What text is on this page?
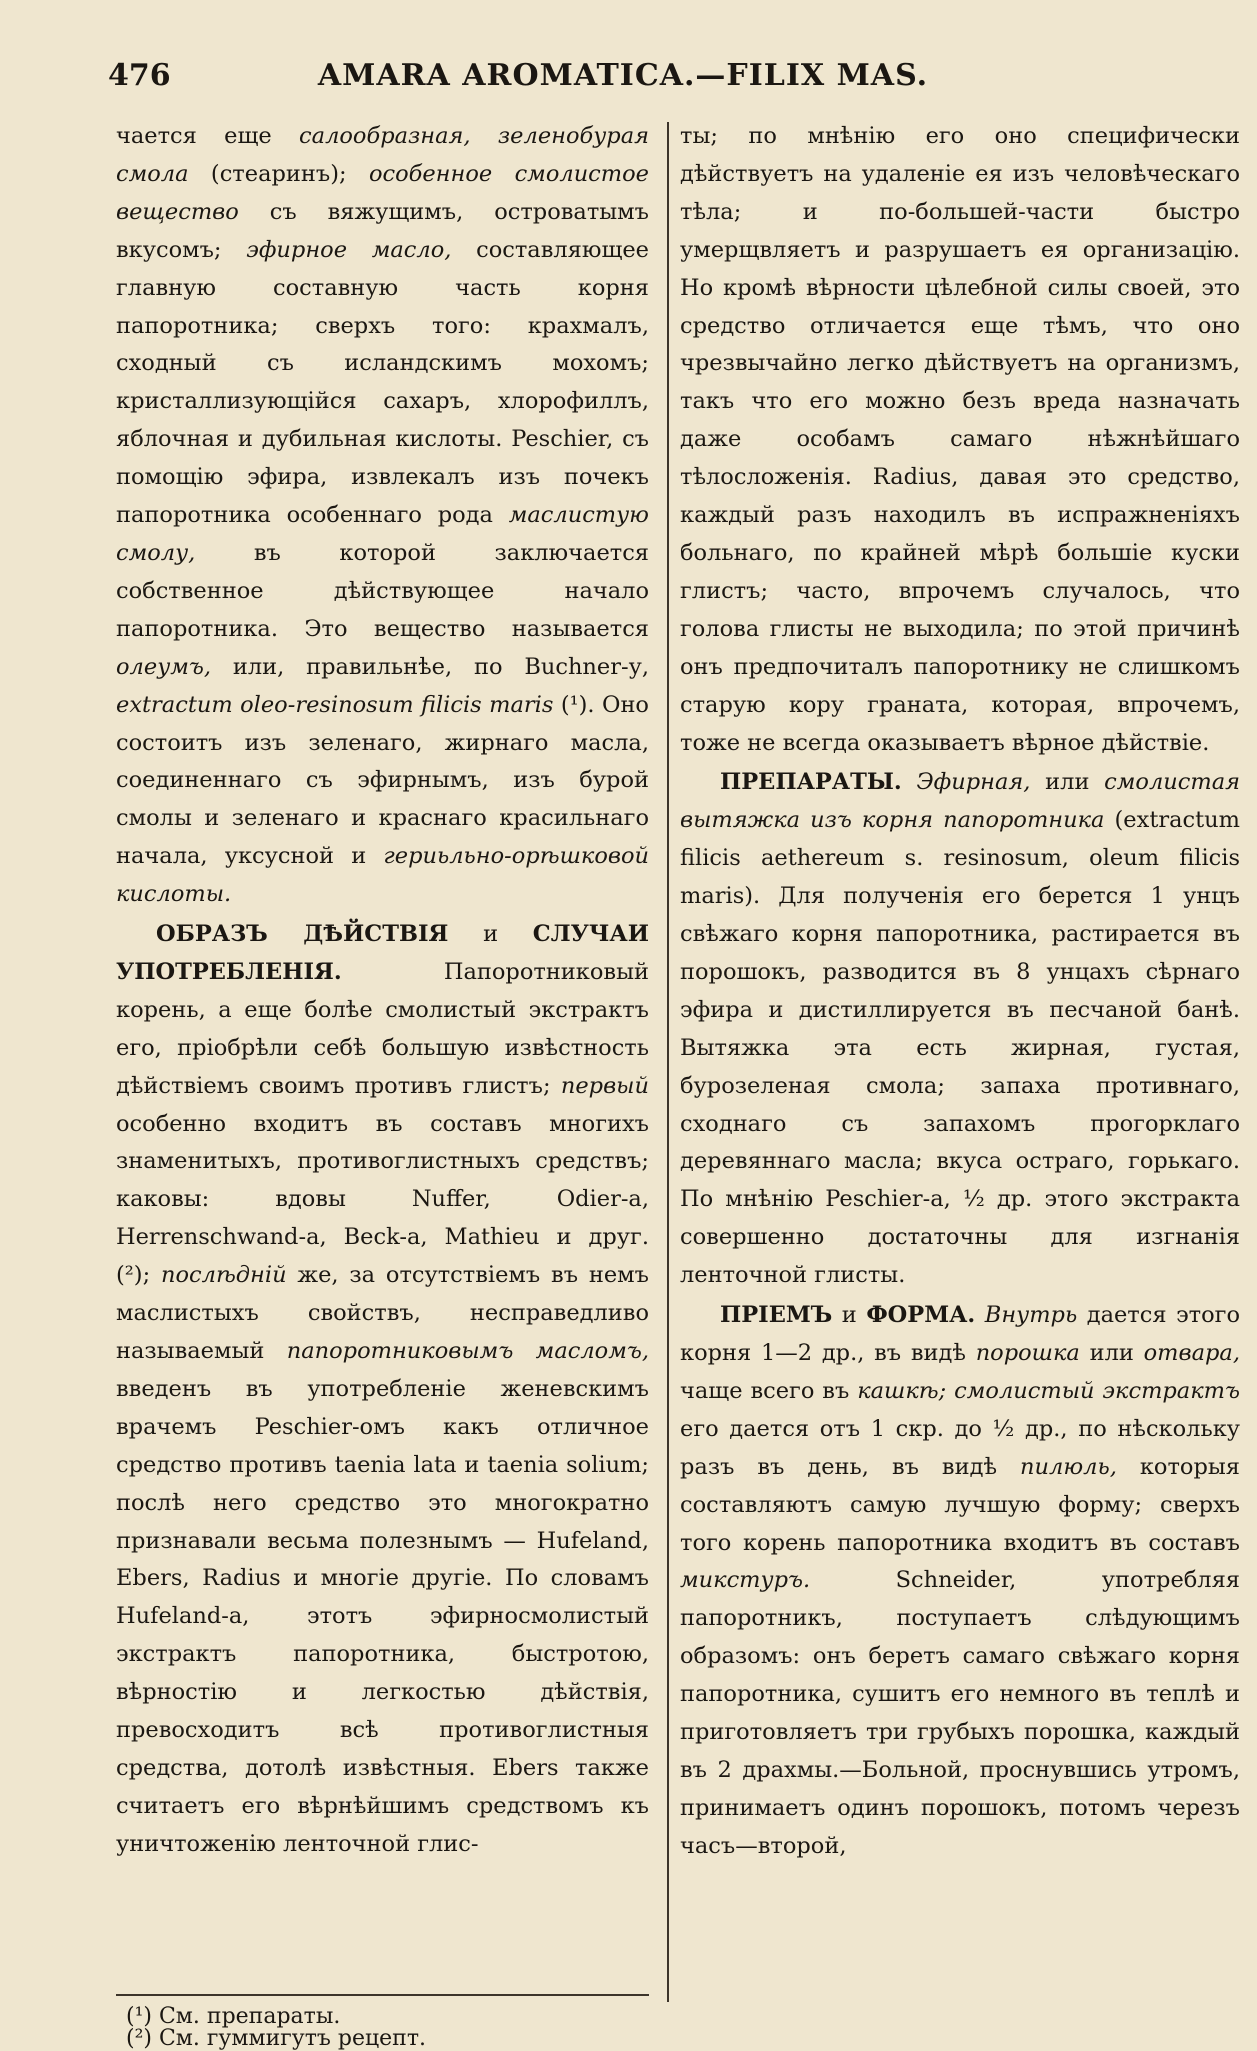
476	AMARA AROMATICA.—FILIX MAS.

чается еще салообразная, зеленобурая смола (стеаринъ); особенное смолистое вещество съ вяжущимъ, островатымъ вкусомъ; эфирное масло, составляющее главную составную часть корня папоротника; сверхъ того: крахмалъ, сходный съ исландскимъ мохомъ; кристаллизующійся сахаръ, хлорофиллъ, яблочная и дубильная кислоты. Peschier, съ помощію эфира, извлекалъ изъ почекъ папоротника особеннаго рода маслистую смолу, въ которой заключается собственное дѣйствующее начало папоротника. Это вещество называется олеумъ, или, правильнѣе, по Buchner-у, extractum oleo-resinosum filicis maris (¹). Оно состоитъ изъ зеленаго, жирнаго масла, соединеннаго съ эфирнымъ, изъ бурой смолы и зеленаго и краснаго красильнаго начала, уксусной и гериьльно-орѣшковой кислоты.

ОБРАЗЪ ДѢЙСТВІЯ и СЛУЧАИ УПОТРЕБЛЕНІЯ. Папоротниковый корень, а еще болѣе смолистый экстрактъ его, пріобрѣли себѣ большую извѣстность дѣйствіемъ своимъ противъ глистъ; первый особенно входитъ въ составъ многихъ знаменитыхъ, противоглистныхъ средствъ; каковы: вдовы Nuffer, Odier-а, Herrenschwand-а, Beck-а, Mathieu и друг. (²); послѣдній же, за отсутствіемъ въ немъ маслистыхъ свойствъ, несправедливо называемый папоротниковымъ масломъ, введенъ въ употребленіе женевскимъ врачемъ Peschier-омъ какъ отличное средство противъ taenia lata и taenia solium; послѣ него средство это многократно признавали весьма полезнымъ — Hufeland, Ebers, Radius и многіе другіе. По словамъ Hufeland-а, этотъ эфирносмолистый экстрактъ папоротника, быстротою, вѣрностію и легкостью дѣйствія, превосходитъ всѣ противоглистныя средства, дотолѣ извѣстныя. Ebers также считаетъ его вѣрнѣйшимъ средствомъ къ уничтоженію ленточной глис-

ты; по мнѣнію его оно специфически дѣйствуетъ на удаленіе ея изъ человѣческаго тѣла; и по-большей-части быстро умерщвляетъ и разрушаетъ ея организацію. Но кромѣ вѣрности цѣлебной силы своей, это средство отличается еще тѣмъ, что оно чрезвычайно легко дѣйствуетъ на организмъ, такъ что его можно безъ вреда назначать даже особамъ самаго нѣжнѣйшаго тѣлосложенія. Radius, давая это средство, каждый разъ находилъ въ испражненіяхъ больнаго, по крайней мѣрѣ большіе куски глистъ; часто, впрочемъ случалось, что голова глисты не выходила; по этой причинѣ онъ предпочиталъ папоротнику не слишкомъ старую кору граната, которая, впрочемъ, тоже не всегда оказываетъ вѣрное дѣйствіе.

ПРЕПАРАТЫ. Эфирная, или смолистая вытяжка изъ корня папоротника (extractum filicis aethereum s. resinosum, oleum filicis maris). Для полученія его берется 1 унцъ свѣжаго корня папоротника, растирается въ порошокъ, разводится въ 8 унцахъ сѣрнаго эфира и дистиллируется въ песчаной банѣ. Вытяжка эта есть жирная, густая, бурозеленая смола; запаха противнаго, сходнаго съ запахомъ прогорклаго деревяннаго масла; вкуса остраго, горькаго. По мнѣнію Peschier-а, ½ др. этого экстракта совершенно достаточны для изгнанія ленточной глисты.

ПРІЕМЪ и ФОРМА. Внутрь дается этого корня 1—2 др., въ видѣ порошка или отвара, чаще всего въ кашкѣ; смолистый экстрактъ его дается отъ 1 скр. до ½ др., по нѣскольку разъ въ день, въ видѣ пилюль, которыя составляютъ самую лучшую форму; сверхъ того корень папоротника входитъ въ составъ микстуръ. Schneider, употребляя папоротникъ, поступаетъ слѣдующимъ образомъ: онъ беретъ самаго свѣжаго корня папоротника, сушитъ его немного въ теплѣ и приготовляетъ три грубыхъ порошка, каждый въ 2 драхмы.—Больной, проснувшись утромъ, принимаетъ одинъ порошокъ, потомъ черезъ часъ—второй,

(¹) См. препараты.
(²) См. гуммигутъ рецепт.
